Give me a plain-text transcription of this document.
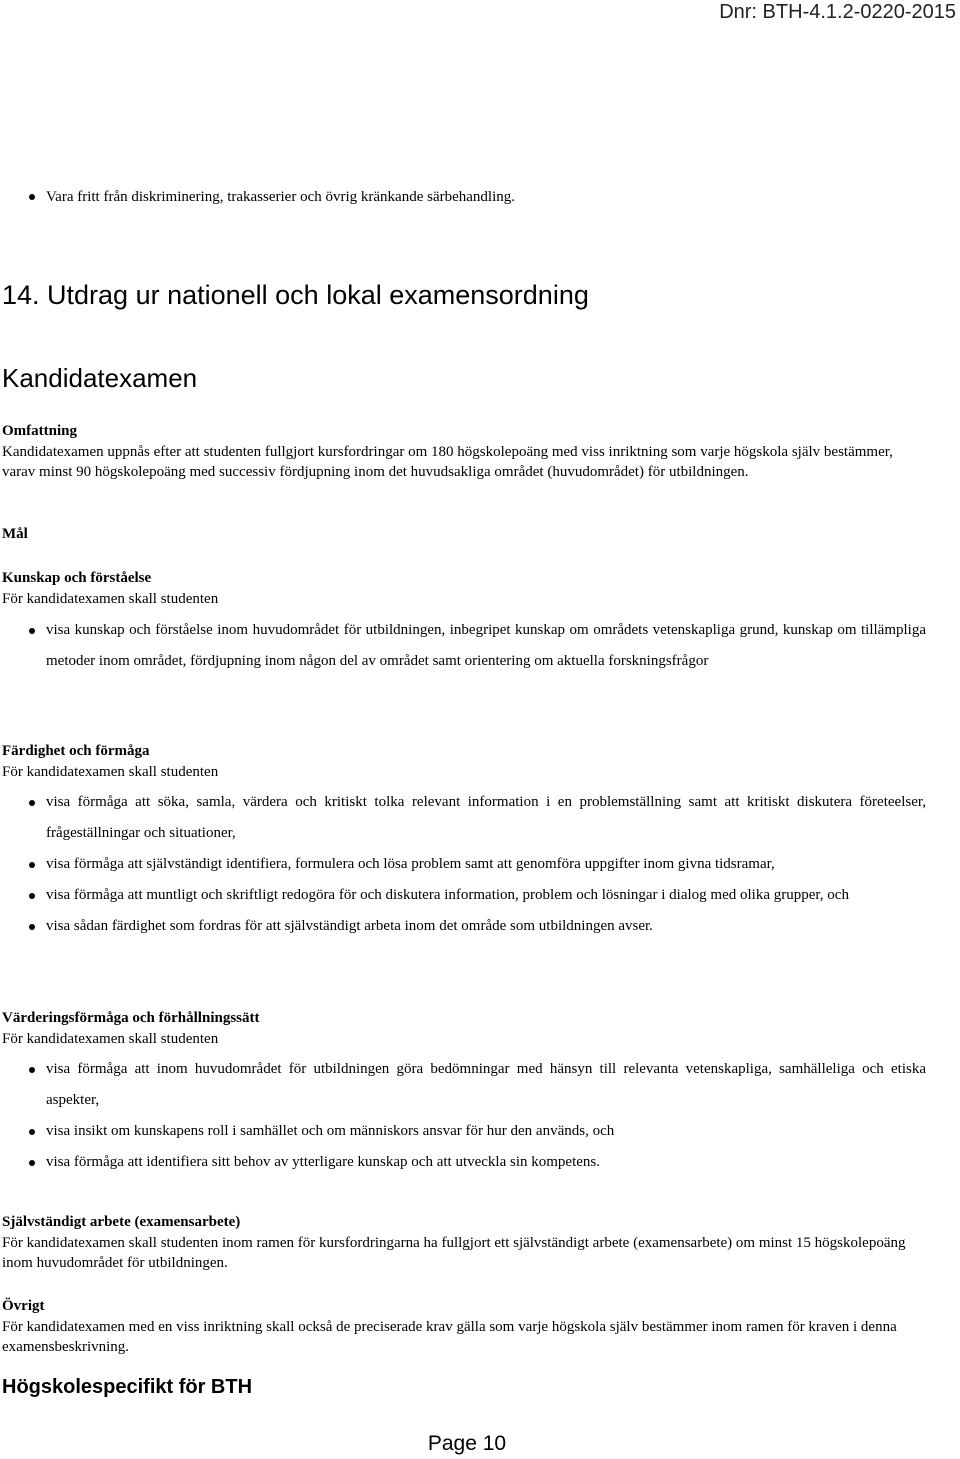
Dnr: BTH-4.1.2-0220-2015
Vara fritt från diskriminering, trakasserier och övrig kränkande särbehandling.
14. Utdrag ur nationell och lokal examensordning
Kandidatexamen
Omfattning
Kandidatexamen uppnås efter att studenten fullgjort kursfordringar om 180 högskolepoäng med viss inriktning som varje högskola själv bestämmer, varav minst 90 högskolepoäng med successiv fördjupning inom det huvudsakliga området (huvudområdet) för utbildningen.
Mål
Kunskap och förståelse
För kandidatexamen skall studenten
visa kunskap och förståelse inom huvudområdet för utbildningen, inbegripet kunskap om områdets vetenskapliga grund, kunskap om tillämpliga metoder inom området, fördjupning inom någon del av området samt orientering om aktuella forskningsfrågor
Färdighet och förmåga
För kandidatexamen skall studenten
visa förmåga att söka, samla, värdera och kritiskt tolka relevant information i en problemställning samt att kritiskt diskutera företeelser, frågeställningar och situationer,
visa förmåga att självständigt identifiera, formulera och lösa problem samt att genomföra uppgifter inom givna tidsramar,
visa förmåga att muntligt och skriftligt redogöra för och diskutera information, problem och lösningar i dialog med olika grupper, och
visa sådan färdighet som fordras för att självständigt arbeta inom det område som utbildningen avser.
Värderingsförmåga och förhållningssätt
För kandidatexamen skall studenten
visa förmåga att inom huvudområdet för utbildningen göra bedömningar med hänsyn till relevanta vetenskapliga, samhälleliga och etiska aspekter,
visa insikt om kunskapens roll i samhället och om människors ansvar för hur den används, och
visa förmåga att identifiera sitt behov av ytterligare kunskap och att utveckla sin kompetens.
Självständigt arbete (examensarbete)
För kandidatexamen skall studenten inom ramen för kursfordringarna ha fullgjort ett självständigt arbete (examensarbete) om minst 15 högskolepoäng inom huvudområdet för utbildningen.
Övrigt
För kandidatexamen med en viss inriktning skall också de preciserade krav gälla som varje högskola själv bestämmer inom ramen för kraven i denna examensbeskrivning.
Högskolespecifikt för BTH
Page 10
